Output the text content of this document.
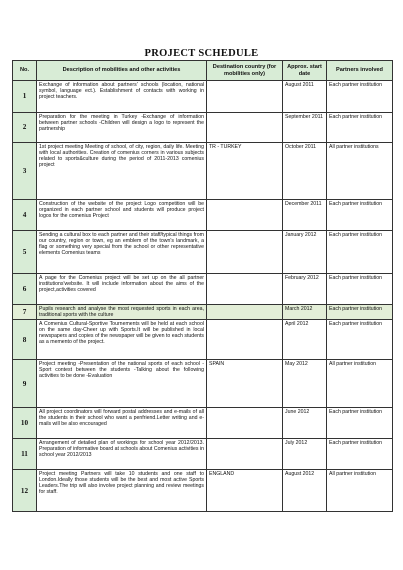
PROJECT SCHEDULE
No.	Description of mobilities and other activities	Destination country (for mobilities only)	Approx. start date	Partners involved
1	Exchange of information about partners' schools (location, national symbol, language ect.). Establishment of contacts with working in project teachers.		August 2011	Each partner institution
2	Preparation for the meeting in Turkey -Exchange of information between partner schools -Children will design a logo to represent the partnership		September 2011	Each partner institution
3	1st project meeting Meeting of school, of city, region, daily life. Meeting with local authorities. Creation of comenius corners in various subjects related to sports&culture during the period of 2011-2013 comenius project	TR - TURKEY	October 2011	All partner institutions
4	Construction of the website of the project Logo competition will be organized in each partner school and students will produce project logos for the comenius Project		December 2011	Each partner institution
5	Sending a cultural box to each partner and their staff/typical things from our country, region or town, eg an emblem of the town's landmark, a flag or something very special from the school or other representative elements Comenius teams		January 2012	Each partner institution
6	A page for the Comenius project will be set up on the all partner institutions'website. It will include information about the aims of the project,activities covered		February 2012	Each partner institution
7	Pupils research and analyse the most requested sports in each area, traditional sports with the culture		March 2012	Each partner institution
8	A Comenius Cultural-Sportive Tournements will be held at each school on the same day-Cheer up with Sports.It will be published in local newspapers and copies of the newspaper will be given to each students as a memento of the project.		April 2012	Each partner institution
9	Project meeting -Presentation of the national sports of each school -Sport contest between the students -Talking about the following activities to be done -Evaluation	SPAIN	May 2012	All partner institution
10	All project coordinators will forward postal addresses and e-mails of all the students in their school who want a penfriend.Letter writing and e-mails will be also encouraged		June 2012	Each partner institution
11	Arrangement of detailed plan of workings for school year 2012/2013. Preparation of informative board at schools about Comenius activities in school year 2012/2013		July 2012	Each partner institution
12	Project meeting Partners will take 10 students and one staff to London.Ideally those students will be the best and most active Sports Leaders.The trip will also involve project planning and review meetings for staff.	ENGLAND	August 2012	All partner institution
